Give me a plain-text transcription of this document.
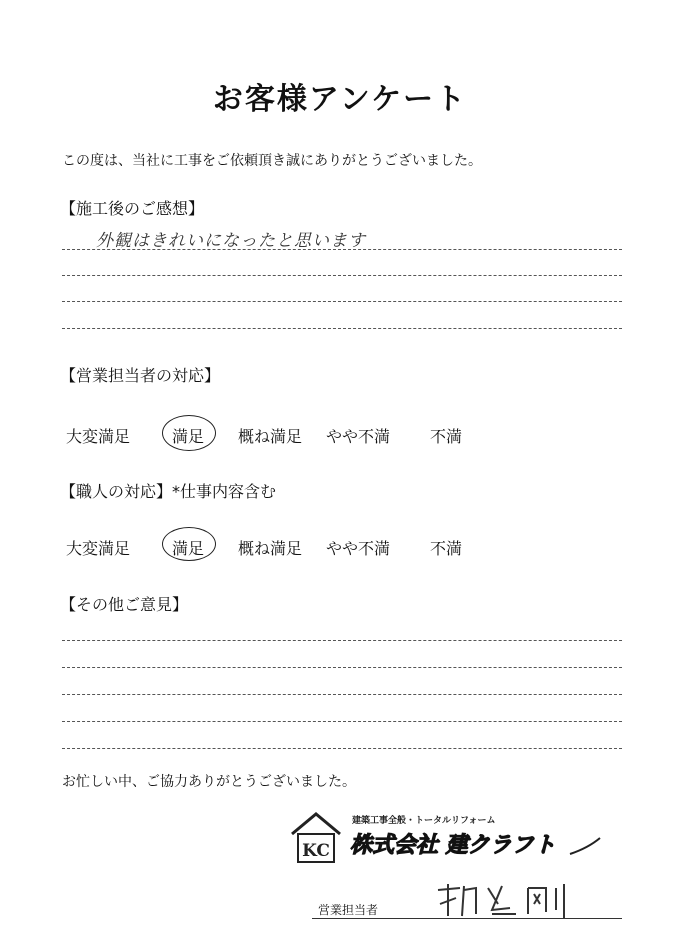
お客様アンケート
この度は、当社に工事をご依頼頂き誠にありがとうございました。
【施工後のご感想】
外観はきれいになったと思います
【営業担当者の対応】
大変満足	満足 概ね満足 やや不満 不満
【職人の対応】*仕事内容含む
大変満足	満足 概ね満足 やや不満 不満
【その他ご意見】
お忙しい中、ご協力ありがとうございました。
KC
建築工事全般・トータルリフォーム
株式会社 建クラフト
営業担当者
